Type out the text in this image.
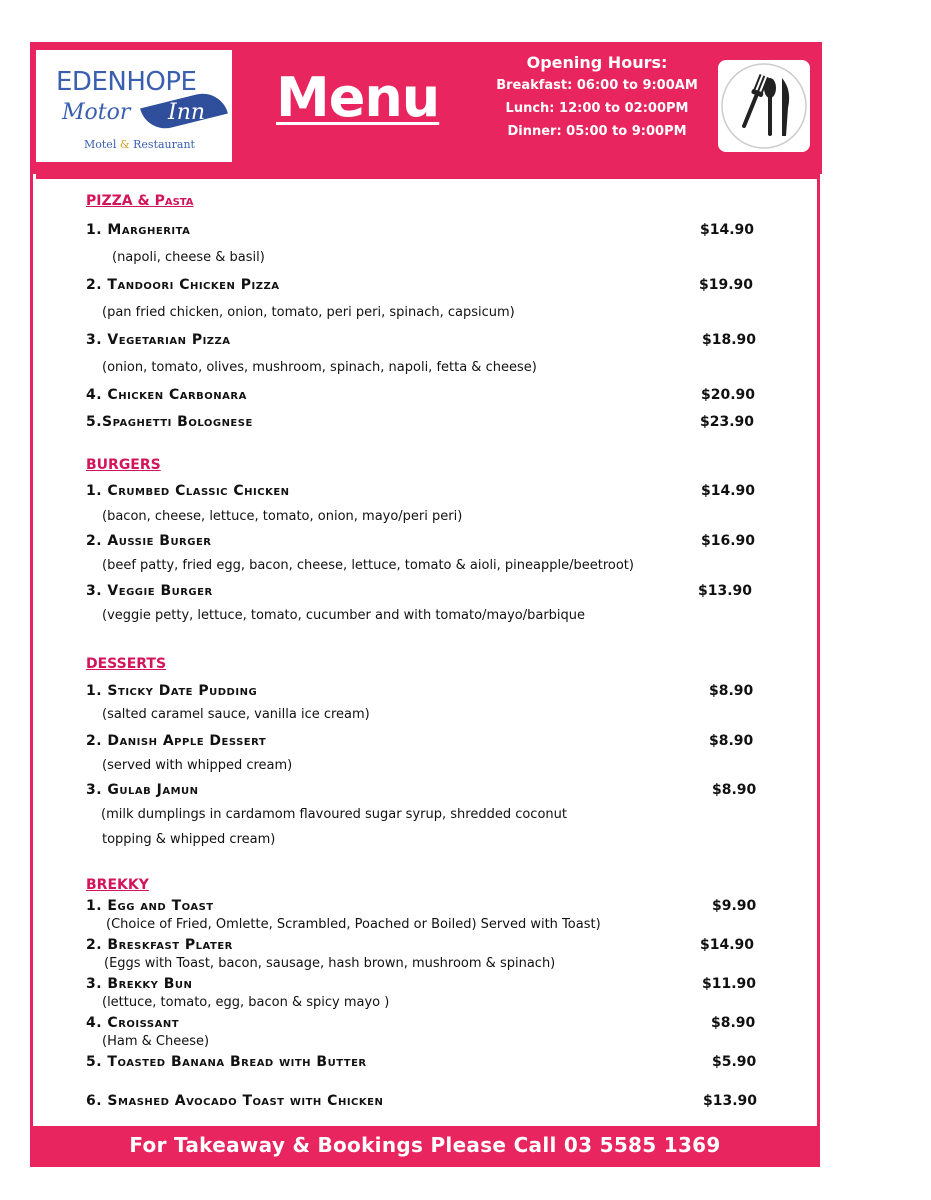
EDENHOPE
Motor Inn
Motel & Restaurant
Menu
Opening Hours:
Breakfast: 06:00 to 9:00AM
Lunch: 12:00 to 02:00PM
Dinner: 05:00 to 9:00PM
PIZZA & Pasta
1. Margherita	$14.90
(napoli, cheese & basil)
2. Tandoori Chicken Pizza	$19.90
(pan fried chicken, onion, tomato, peri peri, spinach, capsicum)
3. Vegetarian Pizza	$18.90
(onion, tomato, olives, mushroom, spinach, napoli, fetta & cheese)
4. Chicken Carbonara	$20.90
5.Spaghetti Bolognese	$23.90
BURGERS
1. Crumbed Classic Chicken	$14.90
(bacon, cheese, lettuce, tomato, onion, mayo/peri peri)
2. Aussie Burger	$16.90
(beef patty, fried egg, bacon, cheese, lettuce, tomato & aioli, pineapple/beetroot)
3. Veggie Burger	$13.90
(veggie petty, lettuce, tomato, cucumber and with tomato/mayo/barbique
DESSERTS
1. Sticky Date Pudding	$8.90
(salted caramel sauce, vanilla ice cream)
2. Danish Apple Dessert	$8.90
(served with whipped cream)
3. Gulab Jamun	$8.90
(milk dumplings in cardamom flavoured sugar syrup, shredded coconut
topping & whipped cream)
BREKKY
1. Egg and Toast	$9.90
(Choice of Fried, Omlette, Scrambled, Poached or Boiled) Served with Toast)
2. Breskfast Plater	$14.90
(Eggs with Toast, bacon, sausage, hash brown, mushroom & spinach)
3. Brekky Bun	$11.90
(lettuce, tomato, egg, bacon & spicy mayo )
4. Croissant	$8.90
(Ham & Cheese)
5. Toasted Banana Bread with Butter	$5.90
6. Smashed Avocado Toast with Chicken	$13.90
For Takeaway & Bookings Please Call 03 5585 1369
